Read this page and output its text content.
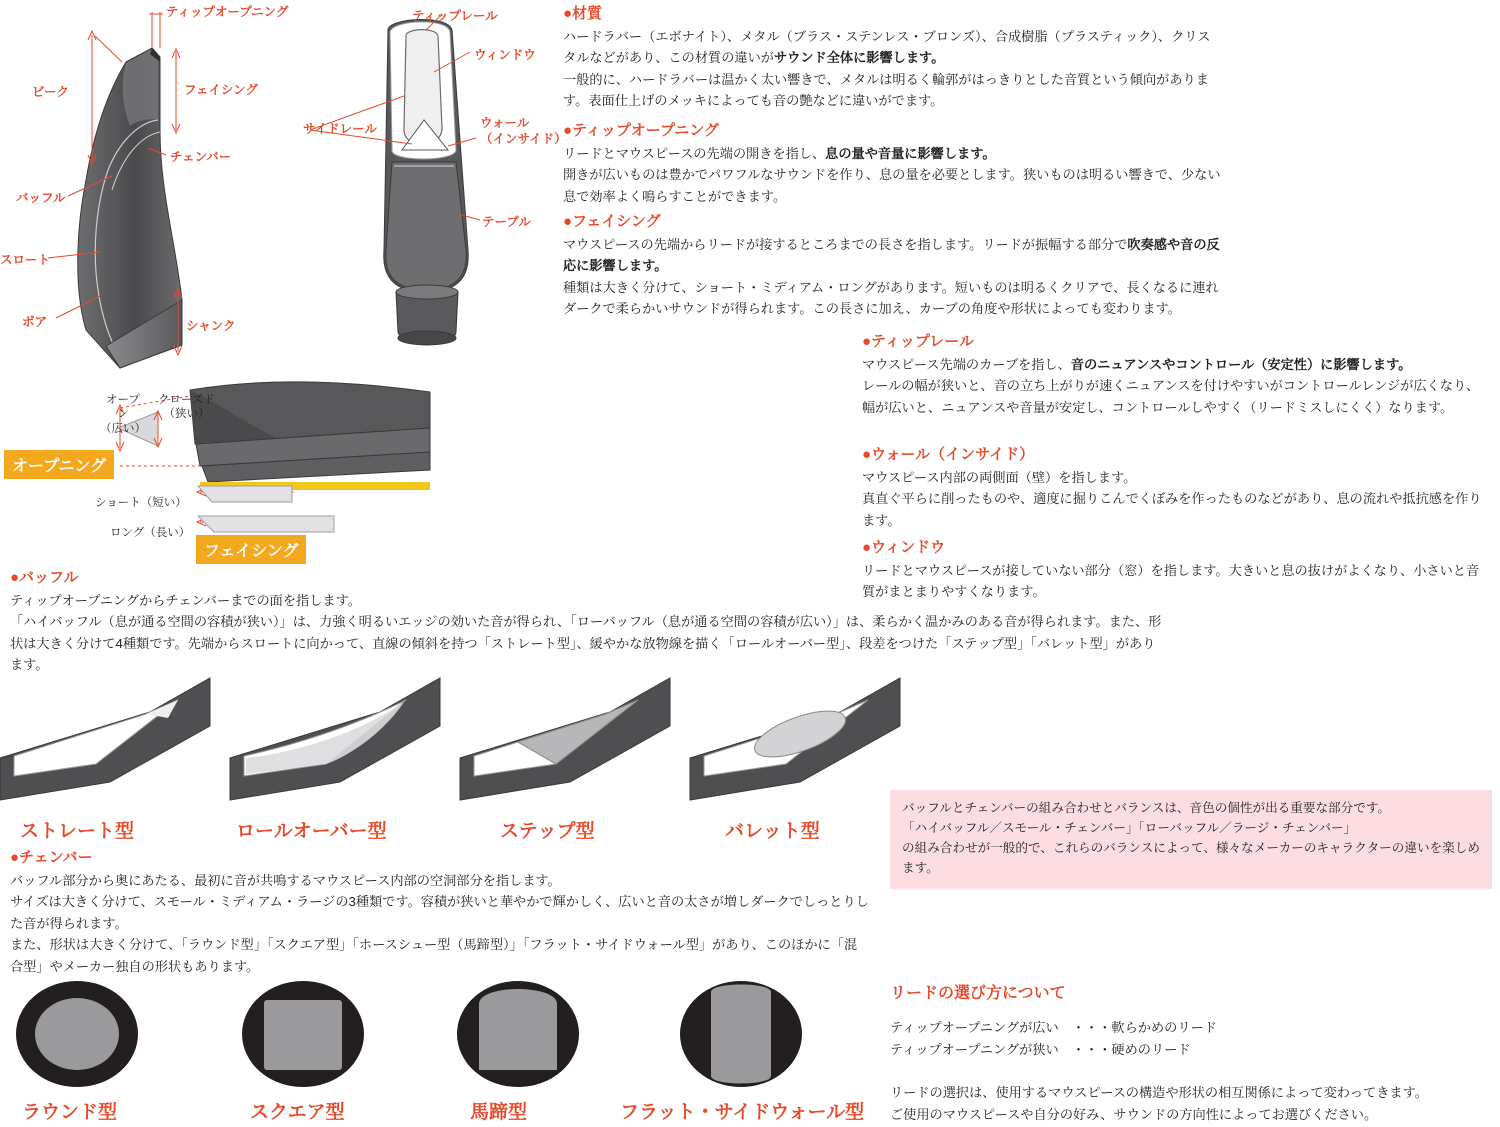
ティップオープニング
ビーク	フェイシング
チェンバー
バッフル
スロート
ボア	シャンク
ティップレール
ウィンドウ
サイドレール	ウォール
（インサイド）
テーブル
オープ
ン
（広い）
クローズド
（狭い）
オープニング
ショート（短い）
ロング（長い）
フェイシング
●材質
ハードラバー（エボナイト）、メタル（ブラス・ステンレス・ブロンズ）、合成樹脂（プラスティック）、クリスタルなどがあり、この材質の違いがサウンド全体に影響します。
一般的に、ハードラバーは温かく太い響きで、メタルは明るく輪郭がはっきりとした音質という傾向があります。表面仕上げのメッキによっても音の艶などに違いがでます。
●ティップオープニング
リードとマウスピースの先端の開きを指し、息の量や音量に影響します。
開きが広いものは豊かでパワフルなサウンドを作り、息の量を必要とします。狭いものは明るい響きで、少ない息で効率よく鳴らすことができます。
●フェイシング
マウスピースの先端からリードが接するところまでの長さを指します。リードが振幅する部分で吹奏感や音の反応に影響します。
種類は大きく分けて、ショート・ミディアム・ロングがあります。短いものは明るくクリアで、長くなるに連れダークで柔らかいサウンドが得られます。この長さに加え、カーブの角度や形状によっても変わります。
●ティップレール
マウスピース先端のカーブを指し、音のニュアンスやコントロール（安定性）に影響します。
レールの幅が狭いと、音の立ち上がりが速くニュアンスを付けやすいがコントロールレンジが広くなり、幅が広いと、ニュアンスや音量が安定し、コントロールしやすく（リードミスしにくく）なります。
●ウォール（インサイド）
マウスピース内部の両側面（壁）を指します。
真直ぐ平らに削ったものや、適度に掘りこんでくぼみを作ったものなどがあり、息の流れや抵抗感を作ります。
●ウィンドウ
リードとマウスピースが接していない部分（窓）を指します。大きいと息の抜けがよくなり、小さいと音質がまとまりやすくなります。
●バッフル
ティップオープニングからチェンバーまでの面を指します。
「ハイバッフル（息が通る空間の容積が狭い）」は、力強く明るいエッジの効いた音が得られ、「ローバッフル（息が通る空間の容積が広い）」は、柔らかく温かみのある音が得られます。また、形状は大きく分けて4種類です。先端からスロートに向かって、直線の傾斜を持つ「ストレート型」、緩やかな放物線を描く「ロールオーバー型」、段差をつけた「ステップ型」「バレット型」があります。
ストレート型	ロールオーバー型	ステップ型	バレット型
バッフルとチェンバーの組み合わせとバランスは、音色の個性が出る重要な部分です。
「ハイバッフル／スモール・チェンバー」「ローバッフル／ラージ・チェンバー」
の組み合わせが一般的で、これらのバランスによって、様々なメーカーのキャラクターの違いを楽しめます。
●チェンバー
バッフル部分から奥にあたる、最初に音が共鳴するマウスピース内部の空洞部分を指します。
サイズは大きく分けて、スモール・ミディアム・ラージの3種類です。容積が狭いと華やかで輝かしく、広いと音の太さが増しダークでしっとりした音が得られます。
また、形状は大きく分けて、「ラウンド型」「スクエア型」「ホースシュー型（馬蹄型）」「フラット・サイドウォール型」があり、このほかに「混合型」やメーカー独自の形状もあります。
ラウンド型	スクエア型	馬蹄型	フラット・サイドウォール型
リードの選び方について
ティップオープニングが広い　・・・軟らかめのリード
ティップオープニングが狭い　・・・硬めのリード
リードの選択は、使用するマウスピースの構造や形状の相互関係によって変わってきます。
ご使用のマウスピースや自分の好み、サウンドの方向性によってお選びください。
